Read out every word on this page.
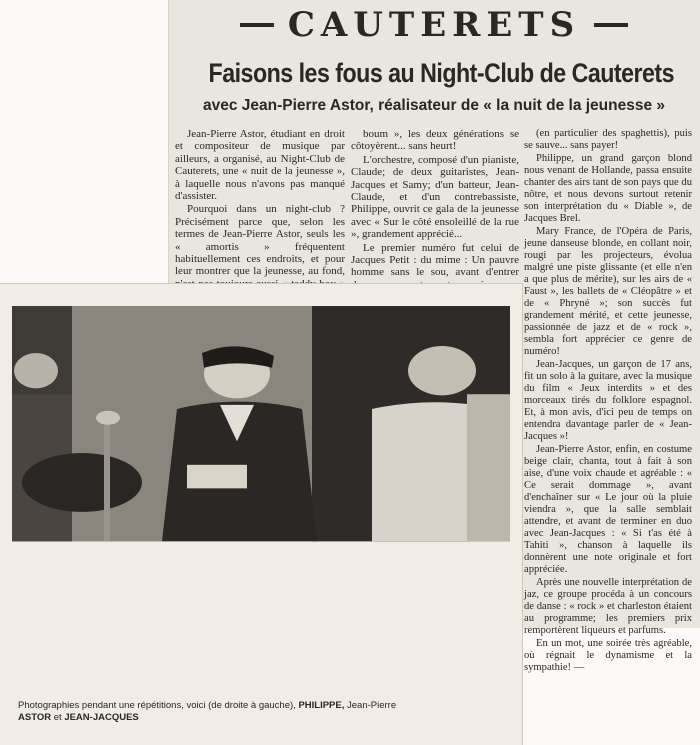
CAUTERETS
Faisons les fous au Night-Club de Cauterets
avec Jean-Pierre Astor, réalisateur de « la nuit de la jeunesse »

Jean-Pierre Astor, étudiant en droit et compositeur de musique par ailleurs, a organisé, au Night-Club de Cauterets, une « nuit de la jeunesse », à laquelle nous n'avons pas manqué d'assister.

Pourquoi dans un night-club ? Précisément parce que, selon les termes de Jean-Pierre Astor, seuls les « amortis » fréquentent habituellement ces endroits, et pour leur montrer que la jeunesse, au fond,

boum », les deux générations se côtoyèrent... sans heurt!

L'orchestre, composé d'un pianiste, Claude; de deux guitaristes, Jean-Jacques et Samy; d'un batteur, Jean-Claude, et d'un contrebassiste, Philippe, ouvrit ce gala de la jeunesse avec « Sur le côté ensoleillé de la rue », grandement apprécié...

Le premier numéro fut celui de Jacques Petit : du mime : Un pauvre homme sans le sou, avant d'entrer

(en particulier des spaghettis), puis se sauve... sans payer!

Philippe, un grand garçon blond nous venant de Hollande, passa ensuite chanter des airs tant de son pays que du nôtre, et nous devons surtout retenir son interprétation du « Diable », de Jacques Brel.

Mary France, de l'Opéra de Paris, jeune danseuse blonde, en collant noir, rougi par les projecteurs, évolua malgré une piste glissante (et elle n'en a que plus de mérite), sur les airs de « Faust », les ballets de « Cléopâtre » et de « Phryné »; son succès fut grandement mérité, et cette jeunesse, passionnée de jazz et de « rock », sembla fort apprécier ce genre de numéro!

Jean-Jacques, un garçon de 17 ans, fit un solo à la guitare, avec la musique du film « Jeux interdits » et des morceaux tirés du folklore espagnol. Et, à mon avis, d'ici peu de temps on entendra davantage parler de « Jean-Jacques »!

Jean-Pierre Astor, enfin, en costume beige clair, chanta, tout à fait à son aise, d'une voix chaude et agréable : « Ce serait dommage », avant d'enchaîner sur « Le jour où la pluie viendra », que la salle semblait attendre, et avant de terminer en duo avec Jean-Jacques : « Si t'as été à Tahiti », chanson à laquelle ils donnèrent une note originale et fort appréciée.

Après une nouvelle interprétation de jaz, ce groupe procéda à un concours de danse : « rock » et charleston étaient au programme; les premiers prix remportèrent liqueurs et parfums.

En un mot, une soirée très agréable, où régnait le dynamisme et la sympathie! —

Photographies pendant une répétitions, voici (de droite à gauche), PHILIPPE, Jean-Pierre
ASTOR et JEAN-JACQUES
